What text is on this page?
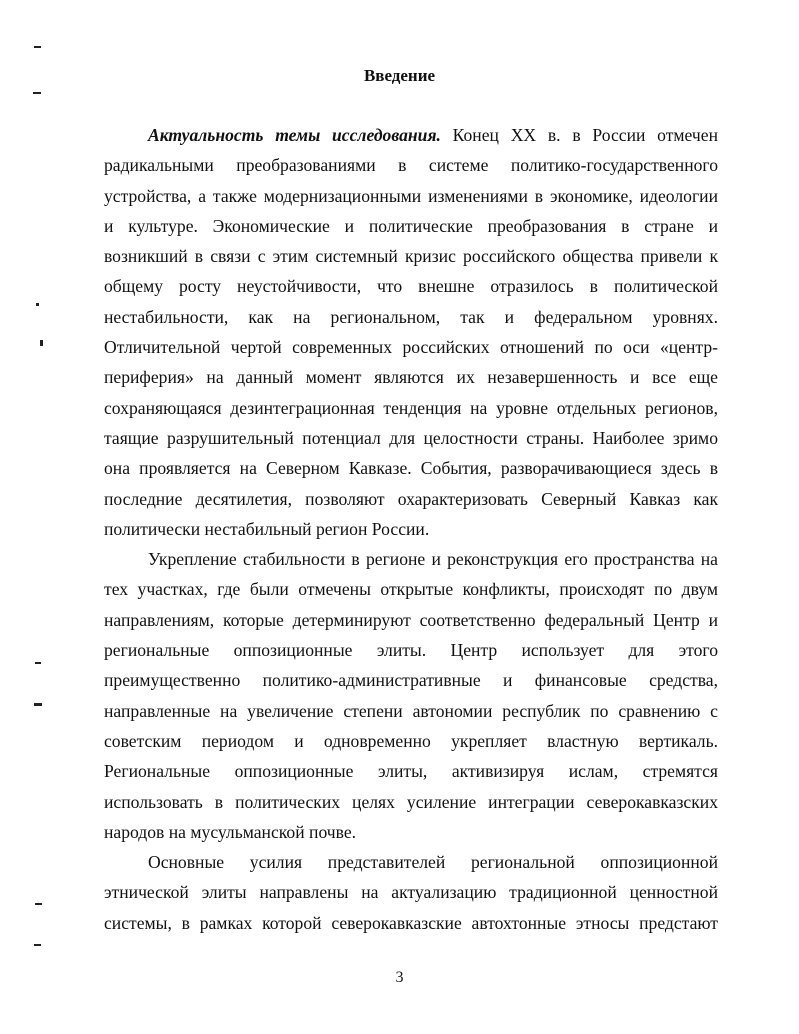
Введение
Актуальность темы исследования. Конец XX в. в России отмечен
радикальными преобразованиями в системе политико-государственного
устройства, а также модернизационными изменениями в экономике, идеологии
и культуре. Экономические и политические преобразования в стране и
возникший в связи с этим системный кризис российского общества привели к
общему росту неустойчивости, что внешне отразилось в политической
нестабильности, как на региональном, так и федеральном уровнях.
Отличительной чертой современных российских отношений по оси «центр-
периферия» на данный момент являются их незавершенность и все еще
сохраняющаяся дезинтеграционная тенденция на уровне отдельных регионов,
таящие разрушительный потенциал для целостности страны. Наиболее зримо
она проявляется на Северном Кавказе. События, разворачивающиеся здесь в
последние десятилетия, позволяют охарактеризовать Северный Кавказ как
политически нестабильный регион России.
Укрепление стабильности в регионе и реконструкция его пространства на
тех участках, где были отмечены открытые конфликты, происходят по двум
направлениям, которые детерминируют соответственно федеральный Центр и
региональные оппозиционные элиты. Центр использует для этого
преимущественно политико-административные и финансовые средства,
направленные на увеличение степени автономии республик по сравнению с
советским периодом и одновременно укрепляет властную вертикаль.
Региональные оппозиционные элиты, активизируя ислам, стремятся
использовать в политических целях усиление интеграции северокавказских
народов на мусульманской почве.
Основные усилия представителей региональной оппозиционной
этнической элиты направлены на актуализацию традиционной ценностной
системы, в рамках которой северокавказские автохтонные этносы предстают
3
